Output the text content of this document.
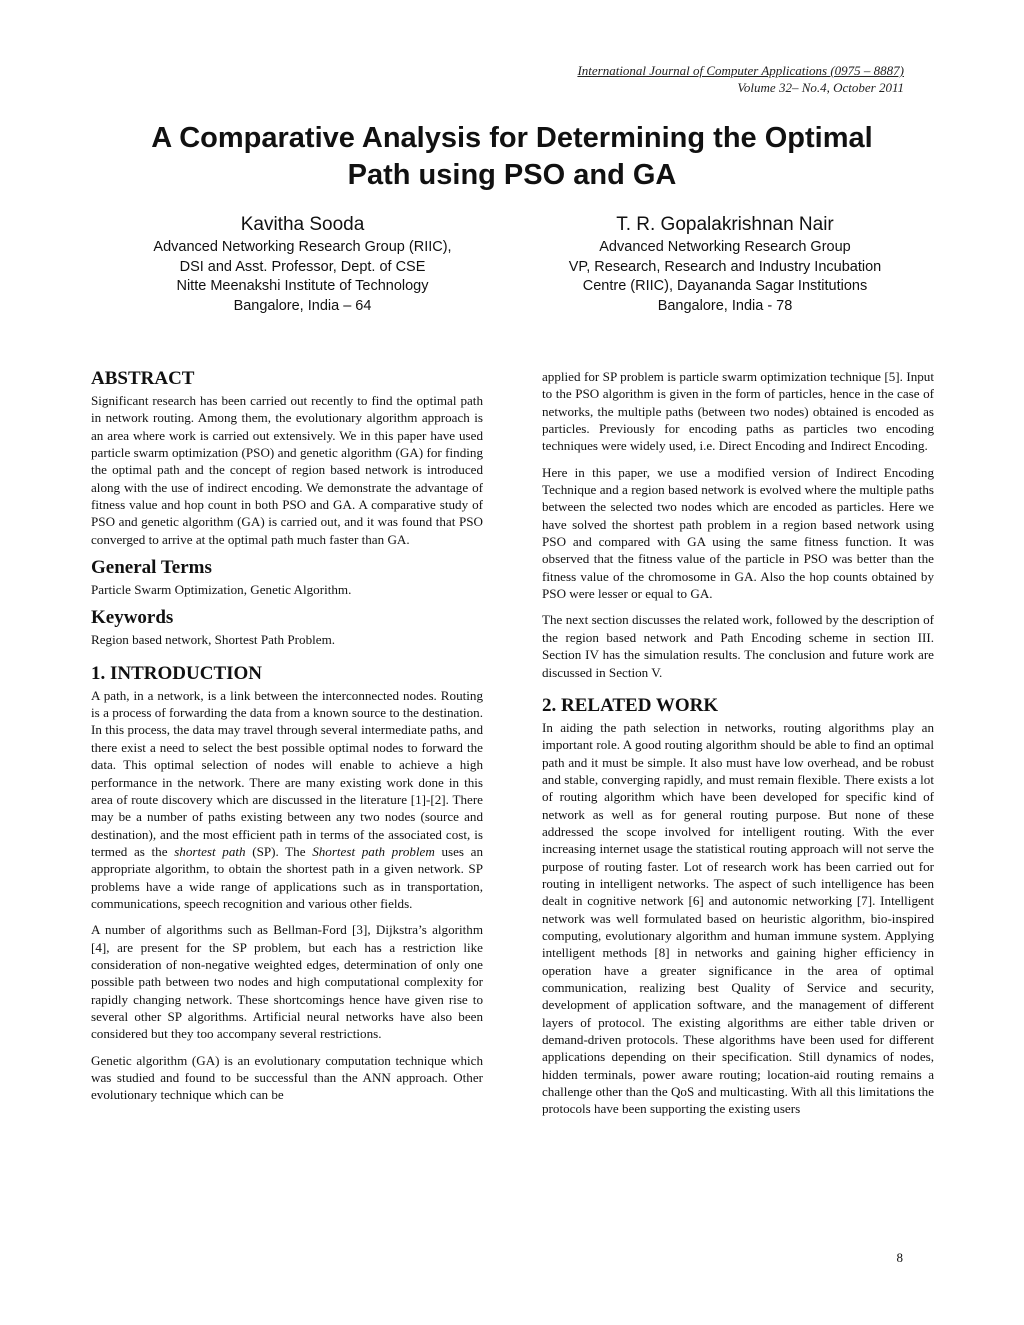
International Journal of Computer Applications (0975 – 8887)
Volume 32– No.4, October 2011
A Comparative Analysis for Determining the Optimal
Path using PSO and GA
Kavitha Sooda
Advanced Networking Research Group (RIIC),
DSI and Asst. Professor, Dept. of CSE
Nitte Meenakshi Institute of Technology
Bangalore, India – 64
T. R. Gopalakrishnan Nair
Advanced Networking Research Group
VP, Research, Research and Industry Incubation
Centre (RIIC), Dayananda Sagar Institutions
Bangalore, India - 78
ABSTRACT

Significant research has been carried out recently to find the optimal path in network routing. Among them, the evolutionary algorithm approach is an area where work is carried out extensively. We in this paper have used particle swarm optimization (PSO) and genetic algorithm (GA) for finding the optimal path and the concept of region based network is introduced along with the use of indirect encoding. We demonstrate the advantage of fitness value and hop count in both PSO and GA. A comparative study of PSO and genetic algorithm (GA) is carried out, and it was found that PSO converged to arrive at the optimal path much faster than GA.

General Terms

Particle Swarm Optimization, Genetic Algorithm.

Keywords

Region based network, Shortest Path Problem.

1. INTRODUCTION

A path, in a network, is a link between the interconnected nodes. Routing is a process of forwarding the data from a known source to the destination. In this process, the data may travel through several intermediate paths, and there exist a need to select the best possible optimal nodes to forward the data. This optimal selection of nodes will enable to achieve a high performance in the network. There are many existing work done in this area of route discovery which are discussed in the literature [1]-[2]. There may be a number of paths existing between any two nodes (source and destination), and the most efficient path in terms of the associated cost, is termed as the shortest path (SP). The Shortest path problem uses an appropriate algorithm, to obtain the shortest path in a given network. SP problems have a wide range of applications such as in transportation, communications, speech recognition and various other fields.

A number of algorithms such as Bellman-Ford [3], Dijkstra’s algorithm [4], are present for the SP problem, but each has a restriction like consideration of non-negative weighted edges, determination of only one possible path between two nodes and high computational complexity for rapidly changing network. These shortcomings hence have given rise to several other SP algorithms. Artificial neural networks have also been considered but they too accompany several restrictions.

Genetic algorithm (GA) is an evolutionary computation technique which was studied and found to be successful than the ANN approach. Other evolutionary technique which can be

applied for SP problem is particle swarm optimization technique [5]. Input to the PSO algorithm is given in the form of particles, hence in the case of networks, the multiple paths (between two nodes) obtained is encoded as particles. Previously for encoding paths as particles two encoding techniques were widely used, i.e. Direct Encoding and Indirect Encoding.

Here in this paper, we use a modified version of Indirect Encoding Technique and a region based network is evolved where the multiple paths between the selected two nodes which are encoded as particles. Here we have solved the shortest path problem in a region based network using PSO and compared with GA using the same fitness function. It was observed that the fitness value of the particle in PSO was better than the fitness value of the chromosome in GA. Also the hop counts obtained by PSO were lesser or equal to GA.

The next section discusses the related work, followed by the description of the region based network and Path Encoding scheme in section III. Section IV has the simulation results. The conclusion and future work are discussed in Section V.

2. RELATED WORK

In aiding the path selection in networks, routing algorithms play an important role. A good routing algorithm should be able to find an optimal path and it must be simple. It also must have low overhead, and be robust and stable, converging rapidly, and must remain flexible. There exists a lot of routing algorithm which have been developed for specific kind of network as well as for general routing purpose. But none of these addressed the scope involved for intelligent routing. With the ever increasing internet usage the statistical routing approach will not serve the purpose of routing faster. Lot of research work has been carried out for routing in intelligent networks. The aspect of such intelligence has been dealt in cognitive network [6] and autonomic networking [7]. Intelligent network was well formulated based on heuristic algorithm, bio-inspired computing, evolutionary algorithm and human immune system. Applying intelligent methods [8] in networks and gaining higher efficiency in operation have a greater significance in the area of optimal communication, realizing best Quality of Service and security, development of application software, and the management of different layers of protocol. The existing algorithms are either table driven or demand-driven protocols. These algorithms have been used for different applications depending on their specification. Still dynamics of nodes, hidden terminals, power aware routing; location-aid routing remains a challenge other than the QoS and multicasting. With all this limitations the protocols have been supporting the existing users

8
